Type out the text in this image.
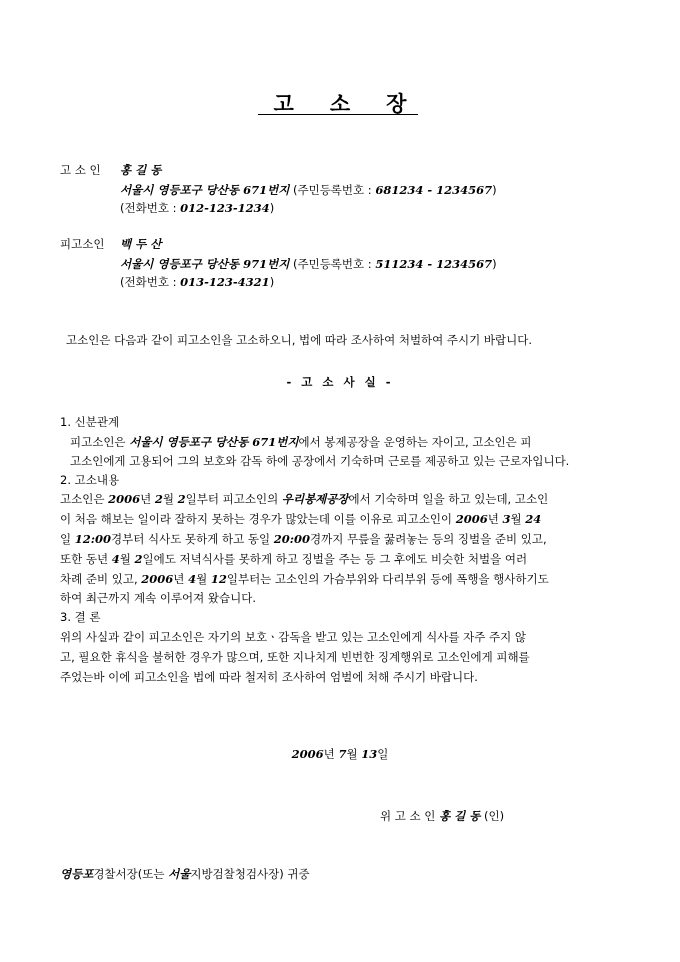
고 소 장
고 소 인 홍 길 동
서울시 영등포구 당산동 671번지 (주민등록번호 : 681234 - 1234567)
(전화번호 : 012-123-1234)
피고소인 백 두 산
서울시 영등포구 당산동 971번지 (주민등록번호 : 511234 - 1234567)
(전화번호 : 013-123-4321)
고소인은 다음과 같이 피고소인을 고소하오니, 법에 따라 조사하여 처벌하여 주시기 바랍니다.
- 고 소 사 실 -
1. 신분관계
피고소인은 서울시 영등포구 당산동 671번지에서 봉제공장을 운영하는 자이고, 고소인은 피
고소인에게 고용되어 그의 보호와 감독 하에 공장에서 기숙하며 근로를 제공하고 있는 근로자입니다.
2. 고소내용
고소인은 2006년 2월 2일부터 피고소인의 우리봉제공장에서 기숙하며 일을 하고 있는데, 고소인
이 처음 해보는 일이라 잘하지 못하는 경우가 많았는데 이를 이유로 피고소인이 2006년 3월 24
일 12:00경부터 식사도 못하게 하고 동일 20:00경까지 무릎을 꿇려놓는 등의 징벌을 준비 있고,
또한 동년 4월 2일에도 저녁식사를 못하게 하고 징벌을 주는 등 그 후에도 비슷한 처벌을 여러
차례 준비 있고, 2006년 4월 12일부터는 고소인의 가슴부위와 다리부위 등에 폭행을 행사하기도
하여 최근까지 계속 이루어져 왔습니다.
3. 결 론
위의 사실과 같이 피고소인은 자기의 보호ㆍ감독을 받고 있는 고소인에게 식사를 자주 주지 않
고, 필요한 휴식을 불허한 경우가 많으며, 또한 지나치게 빈번한 징계행위로 고소인에게 피해를
주었는바 이에 피고소인을 법에 따라 철저히 조사하여 엄벌에 처해 주시기 바랍니다.
2006년 7월 13일
위 고 소 인 홍 길 동 (인)
영등포경찰서장(또는 서울지방검찰청검사장) 귀중
